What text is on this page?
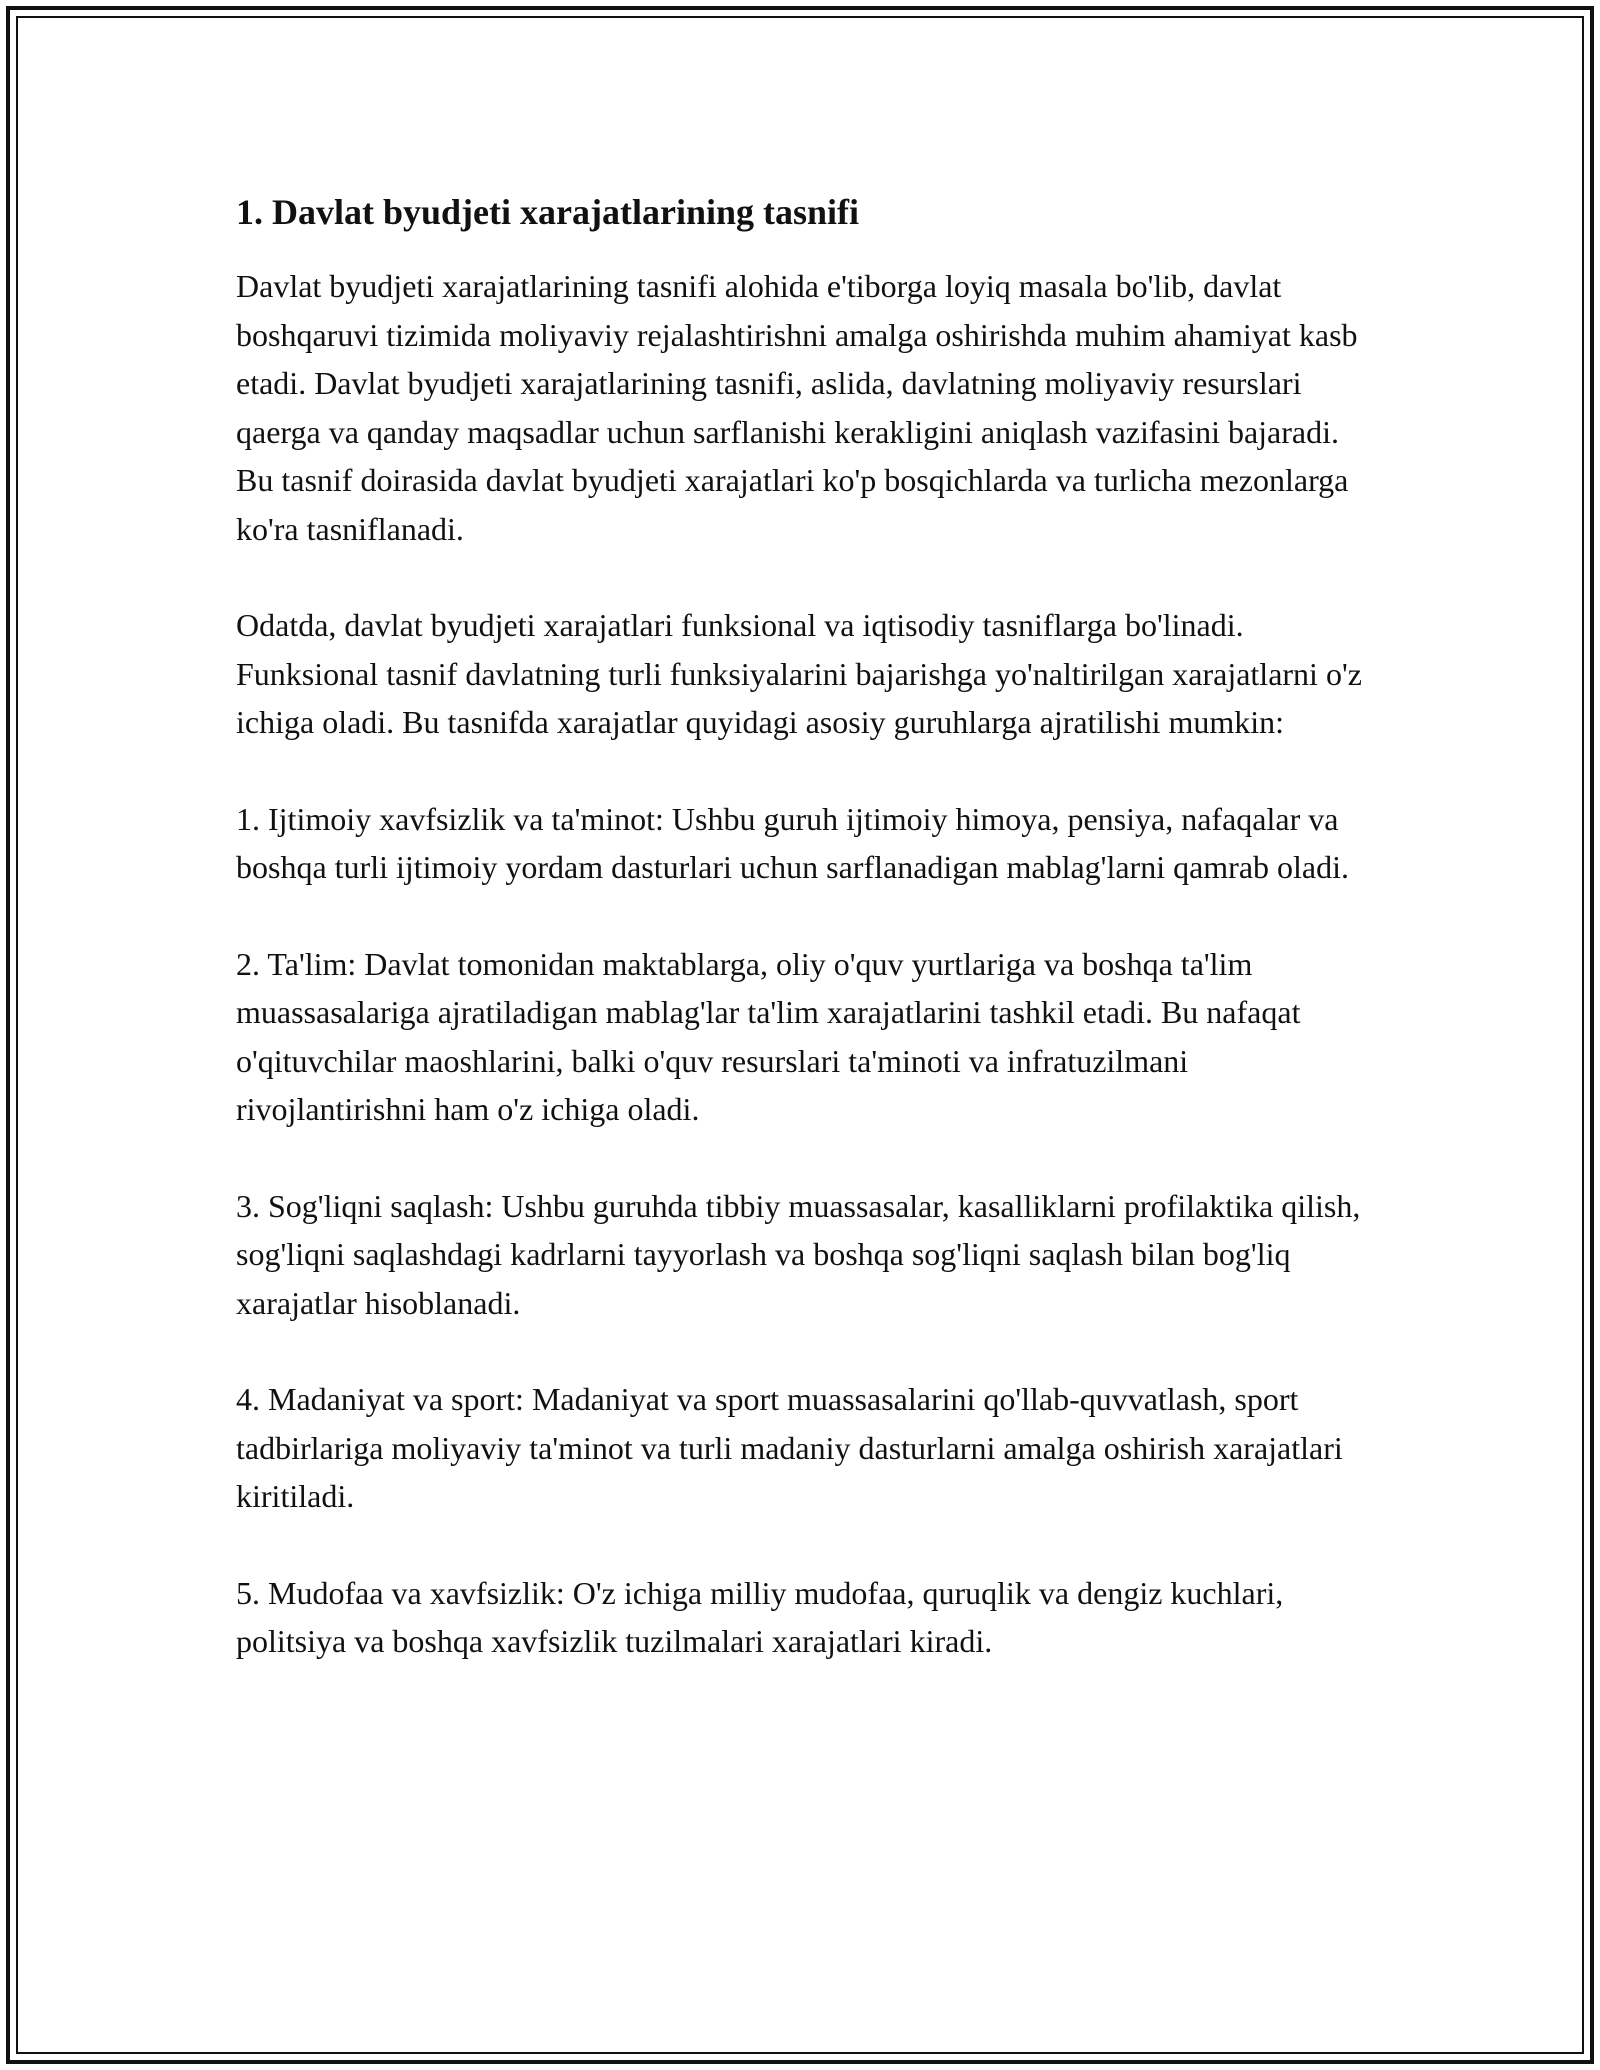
1. Davlat byudjeti xarajatlarining tasnifi

Davlat byudjeti xarajatlarining tasnifi alohida e'tiborga loyiq masala bo'lib, davlat boshqaruvi tizimida moliyaviy rejalashtirishni amalga oshirishda muhim ahamiyat kasb etadi. Davlat byudjeti xarajatlarining tasnifi, aslida, davlatning moliyaviy resurslari qaerga va qanday maqsadlar uchun sarflanishi kerakligini aniqlash vazifasini bajaradi. Bu tasnif doirasida davlat byudjeti xarajatlari ko'p bosqichlarda va turlicha mezonlarga ko'ra tasniflanadi.

Odatda, davlat byudjeti xarajatlari funksional va iqtisodiy tasniflarga bo'linadi. Funksional tasnif davlatning turli funksiyalarini bajarishga yo'naltirilgan xarajatlarni o'z ichiga oladi. Bu tasnifda xarajatlar quyidagi asosiy guruhlarga ajratilishi mumkin:

1. Ijtimoiy xavfsizlik va ta'minot: Ushbu guruh ijtimoiy himoya, pensiya, nafaqalar va boshqa turli ijtimoiy yordam dasturlari uchun sarflanadigan mablag'larni qamrab oladi.

2. Ta'lim: Davlat tomonidan maktablarga, oliy o'quv yurtlariga va boshqa ta'lim muassasalariga ajratiladigan mablag'lar ta'lim xarajatlarini tashkil etadi. Bu nafaqat o'qituvchilar maoshlarini, balki o'quv resurslari ta'minoti va infratuzilmani rivojlantirishni ham o'z ichiga oladi.

3. Sog'liqni saqlash: Ushbu guruhda tibbiy muassasalar, kasalliklarni profilaktika qilish, sog'liqni saqlashdagi kadrlarni tayyorlash va boshqa sog'liqni saqlash bilan bog'liq xarajatlar hisoblanadi.

4. Madaniyat va sport: Madaniyat va sport muassasalarini qo'llab-quvvatlash, sport tadbirlariga moliyaviy ta'minot va turli madaniy dasturlarni amalga oshirish xarajatlari kiritiladi.

5. Mudofaa va xavfsizlik: O'z ichiga milliy mudofaa, quruqlik va dengiz kuchlari, politsiya va boshqa xavfsizlik tuzilmalari xarajatlari kiradi.
